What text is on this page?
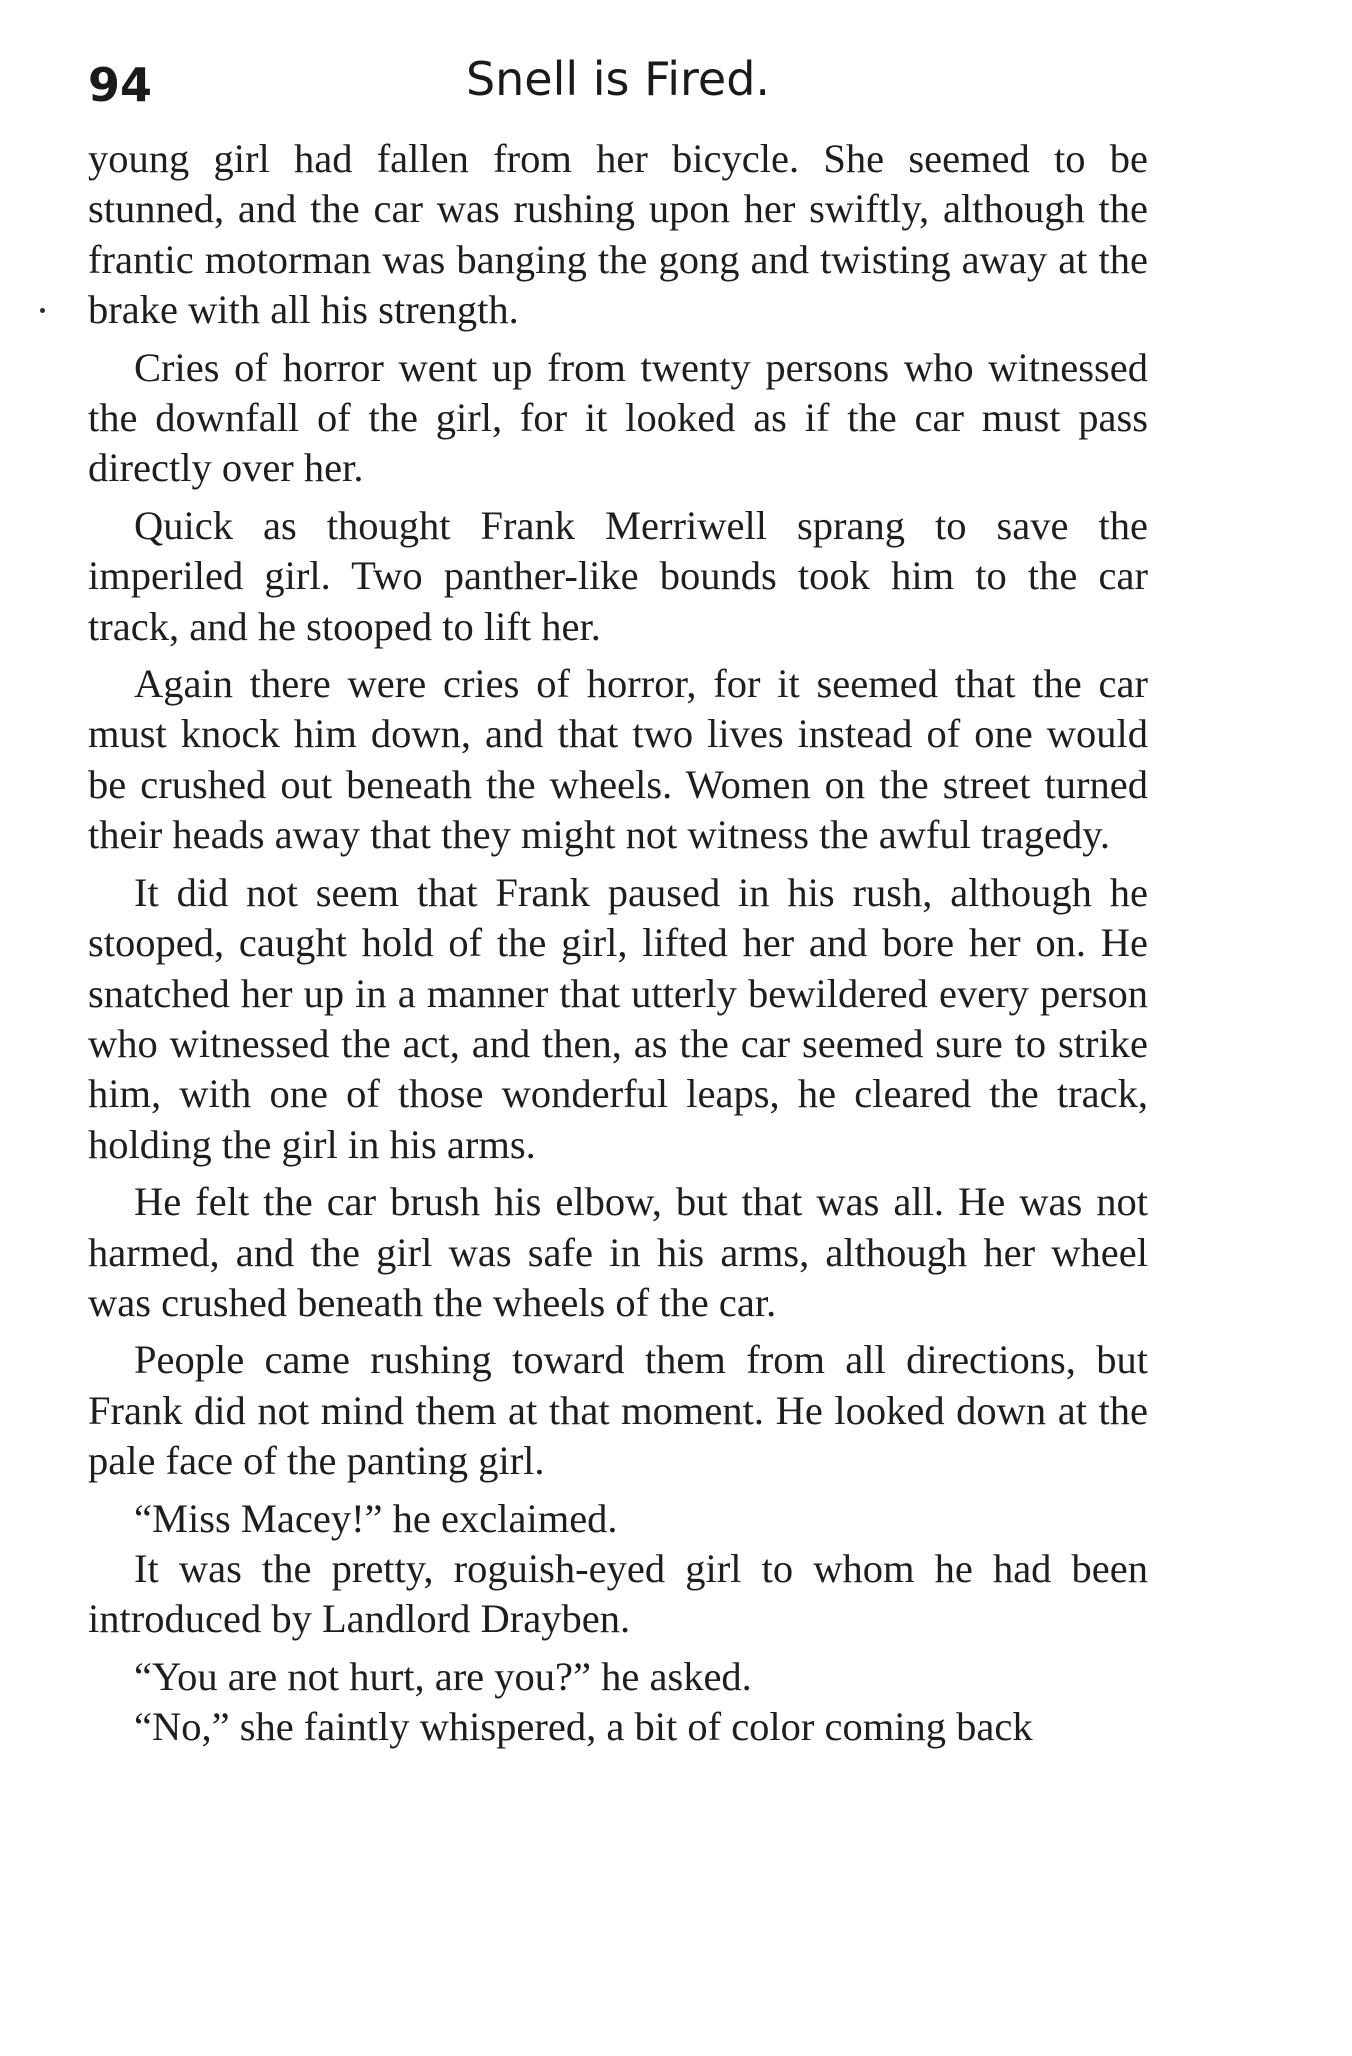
94	Snell is Fired.

young girl had fallen from her bicycle. She seemed to be stunned, and the car was rushing upon her swiftly, although the frantic motorman was banging the gong and twisting away at the brake with all his strength.

Cries of horror went up from twenty persons who witnessed the downfall of the girl, for it looked as if the car must pass directly over her.

Quick as thought Frank Merriwell sprang to save the imperiled girl. Two panther-like bounds took him to the car track, and he stooped to lift her.

Again there were cries of horror, for it seemed that the car must knock him down, and that two lives instead of one would be crushed out beneath the wheels. Women on the street turned their heads away that they might not witness the awful tragedy.

It did not seem that Frank paused in his rush, although he stooped, caught hold of the girl, lifted her and bore her on. He snatched her up in a manner that utterly bewildered every person who witnessed the act, and then, as the car seemed sure to strike him, with one of those wonderful leaps, he cleared the track, holding the girl in his arms.

He felt the car brush his elbow, but that was all. He was not harmed, and the girl was safe in his arms, although her wheel was crushed beneath the wheels of the car.

People came rushing toward them from all directions, but Frank did not mind them at that moment. He looked down at the pale face of the panting girl.

“Miss Macey!” he exclaimed.

It was the pretty, roguish-eyed girl to whom he had been introduced by Landlord Drayben.

“You are not hurt, are you?” he asked.

“No,” she faintly whispered, a bit of color coming back
